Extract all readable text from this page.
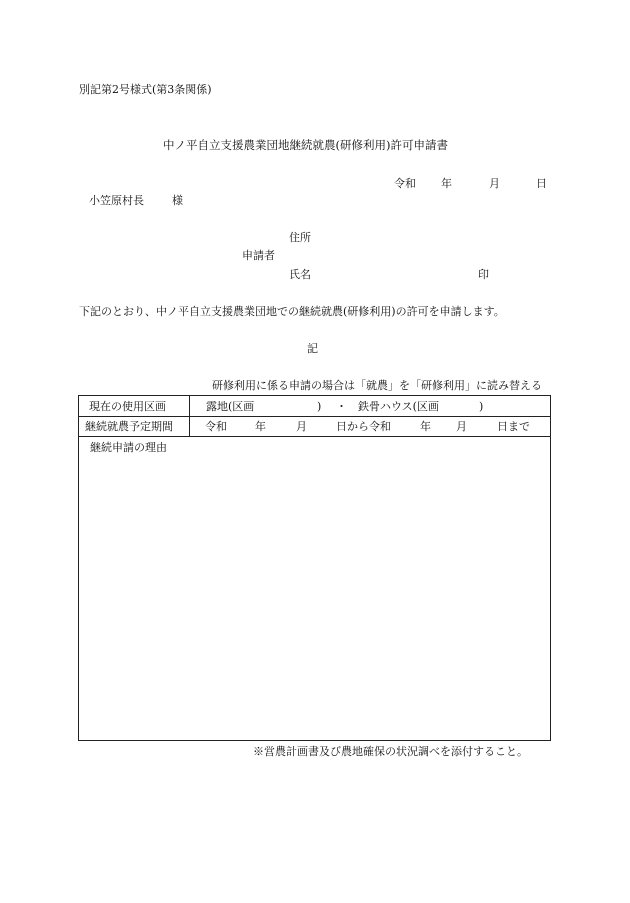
別記第2号様式(第3条関係)
中ノ平自立支援農業団地継続就農(研修利用)許可申請書
令和 年	月	日
小笠原村長	様
住所
申請者
氏名	印
下記のとおり、中ノ平自立支援農業団地での継続就農(研修利用)の許可を申請します。
記
研修利用に係る申請の場合は「就農」を「研修利用」に読み替える
現在の使用区画	露地(区画	) ・ 鉄骨ハウス(区画	)
継続就農予定期間	令和	年	月	日から令和	年 月	日まで
継続申請の理由
※営農計画書及び農地確保の状況調べを添付すること。
